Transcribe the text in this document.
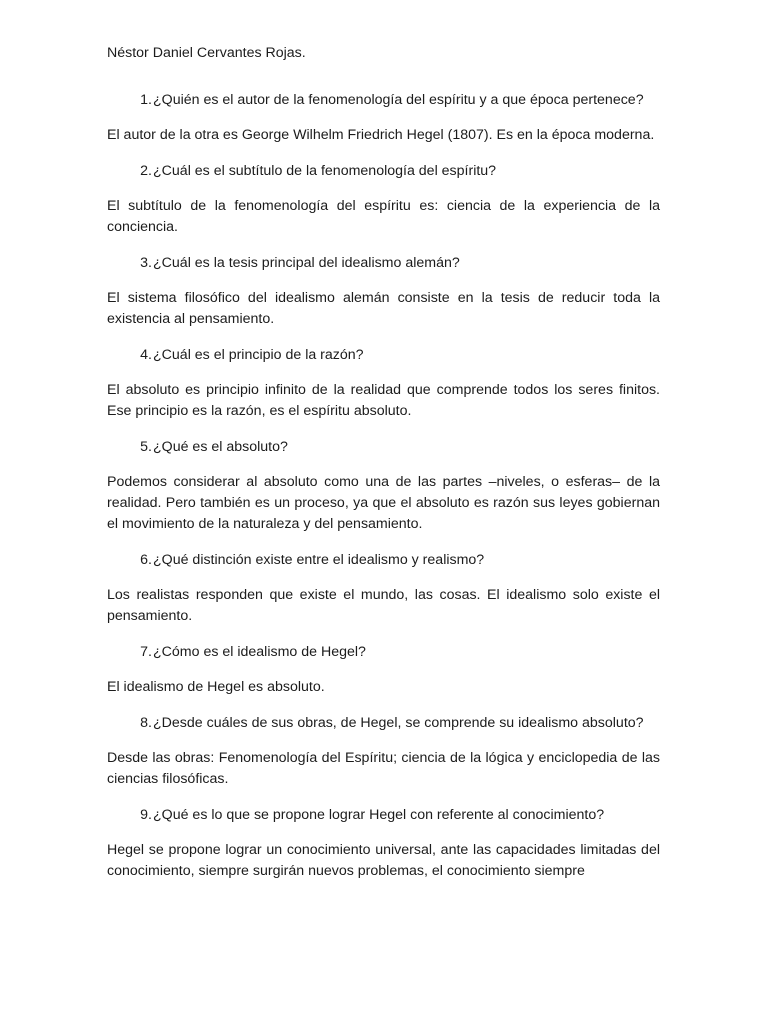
Néstor Daniel Cervantes Rojas.

1. ¿Quién es el autor de la fenomenología del espíritu y a que época pertenece?

El autor de la otra es George Wilhelm Friedrich Hegel (1807). Es en la época moderna.

2. ¿Cuál es el subtítulo de la fenomenología del espíritu?

El subtítulo de la fenomenología del espíritu es: ciencia de la experiencia de la conciencia.

3. ¿Cuál es la tesis principal del idealismo alemán?

El sistema filosófico del idealismo alemán consiste en la tesis de reducir toda la existencia al pensamiento.

4. ¿Cuál es el principio de la razón?

El absoluto es principio infinito de la realidad que comprende todos los seres finitos. Ese principio es la razón, es el espíritu absoluto.

5. ¿Qué es el absoluto?

Podemos considerar al absoluto como una de las partes –niveles, o esferas– de la realidad. Pero también es un proceso, ya que el absoluto es razón sus leyes gobiernan el movimiento de la naturaleza y del pensamiento.

6. ¿Qué distinción existe entre el idealismo y realismo?

Los realistas responden que existe el mundo, las cosas. El idealismo solo existe el pensamiento.

7. ¿Cómo es el idealismo de Hegel?

El idealismo de Hegel es absoluto.

8. ¿Desde cuáles de sus obras, de Hegel, se comprende su idealismo absoluto?

Desde las obras: Fenomenología del Espíritu; ciencia de la lógica y enciclopedia de las ciencias filosóficas.

9. ¿Qué es lo que se propone lograr Hegel con referente al conocimiento?

Hegel se propone lograr un conocimiento universal, ante las capacidades limitadas del conocimiento, siempre surgirán nuevos problemas, el conocimiento siempre
